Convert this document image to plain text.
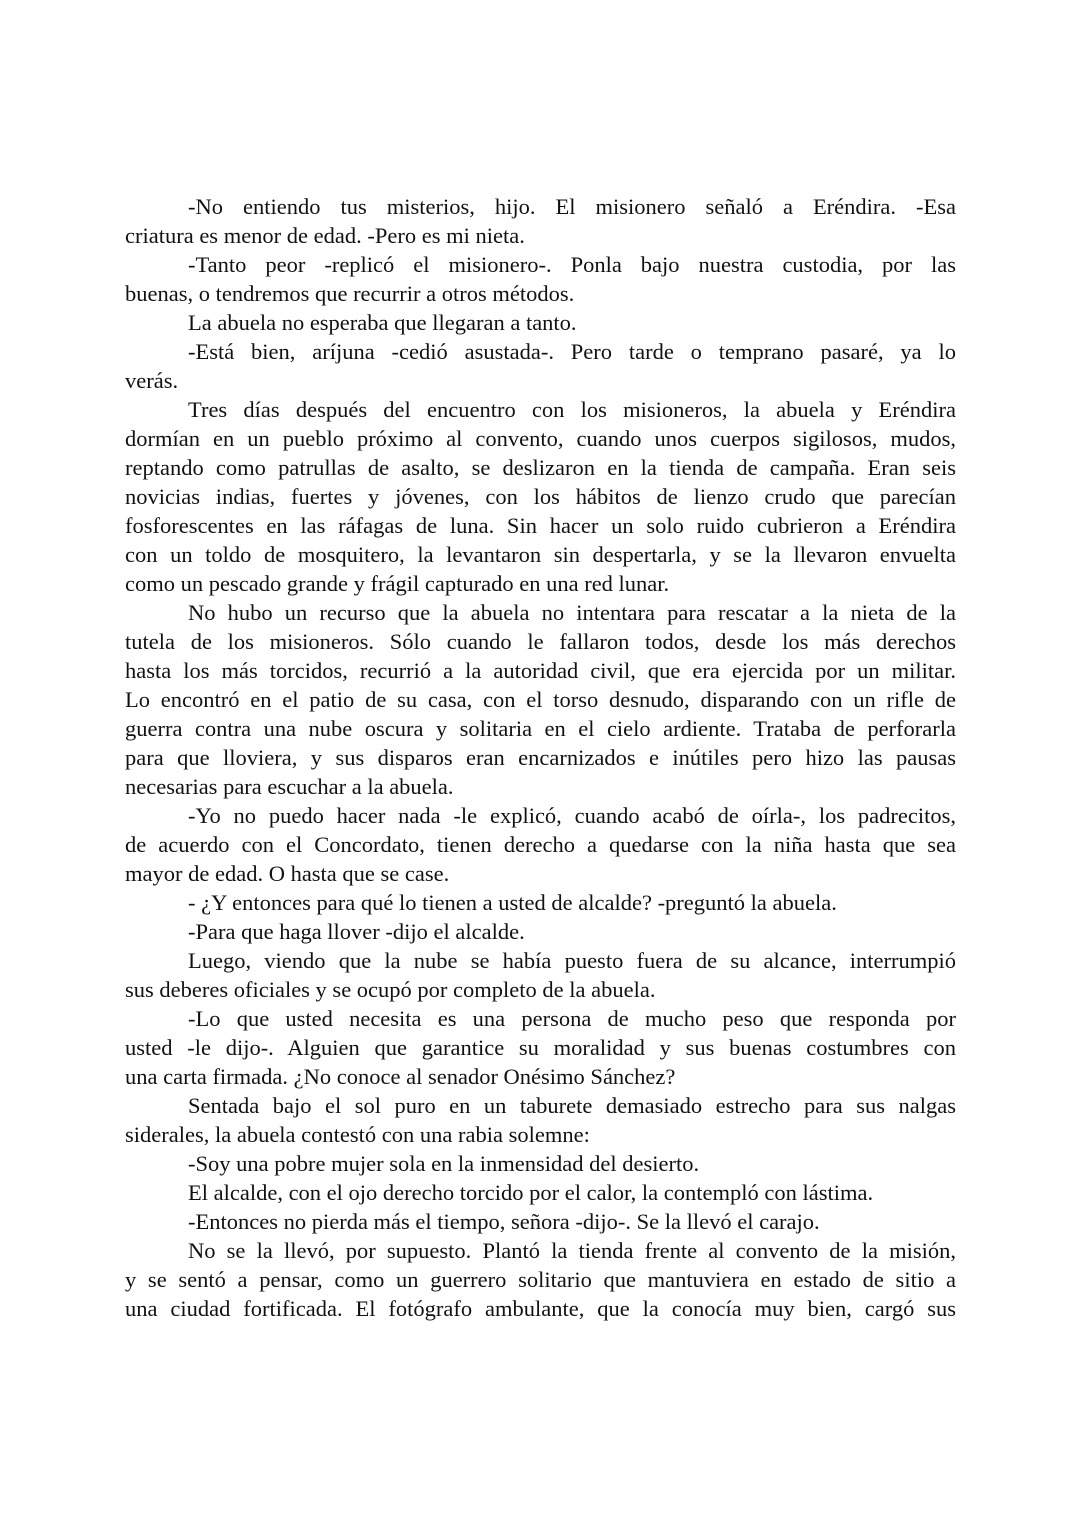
-No entiendo tus misterios, hijo. El misionero señaló a Eréndira. -Esa
criatura es menor de edad. -Pero es mi nieta.
-Tanto peor -replicó el misionero-. Ponla bajo nuestra custodia, por las
buenas, o tendremos que recurrir a otros métodos.
La abuela no esperaba que llegaran a tanto.
-Está bien, aríjuna -cedió asustada-. Pero tarde o temprano pasaré, ya lo
verás.
Tres días después del encuentro con los misioneros, la abuela y Eréndira
dormían en un pueblo próximo al convento, cuando unos cuerpos sigilosos, mudos,
reptando como patrullas de asalto, se deslizaron en la tienda de campaña. Eran seis
novicias indias, fuertes y jóvenes, con los hábitos de lienzo crudo que parecían
fosforescentes en las ráfagas de luna. Sin hacer un solo ruido cubrieron a Eréndira
con un toldo de mosquitero, la levantaron sin despertarla, y se la llevaron envuelta
como un pescado grande y frágil capturado en una red lunar.
No hubo un recurso que la abuela no intentara para rescatar a la nieta de la
tutela de los misioneros. Sólo cuando le fallaron todos, desde los más derechos
hasta los más torcidos, recurrió a la autoridad civil, que era ejercida por un militar.
Lo encontró en el patio de su casa, con el torso desnudo, disparando con un rifle de
guerra contra una nube oscura y solitaria en el cielo ardiente. Trataba de perforarla
para que lloviera, y sus disparos eran encarnizados e inútiles pero hizo las pausas
necesarias para escuchar a la abuela.
-Yo no puedo hacer nada -le explicó, cuando acabó de oírla-, los padrecitos,
de acuerdo con el Concordato, tienen derecho a quedarse con la niña hasta que sea
mayor de edad. O hasta que se case.
- ¿Y entonces para qué lo tienen a usted de alcalde? -preguntó la abuela.
-Para que haga llover -dijo el alcalde.
Luego, viendo que la nube se había puesto fuera de su alcance, interrumpió
sus deberes oficiales y se ocupó por completo de la abuela.
-Lo que usted necesita es una persona de mucho peso que responda por
usted -le dijo-. Alguien que garantice su moralidad y sus buenas costumbres con
una carta firmada. ¿No conoce al senador Onésimo Sánchez?
Sentada bajo el sol puro en un taburete demasiado estrecho para sus nalgas
siderales, la abuela contestó con una rabia solemne:
-Soy una pobre mujer sola en la inmensidad del desierto.
El alcalde, con el ojo derecho torcido por el calor, la contempló con lástima.
-Entonces no pierda más el tiempo, señora -dijo-. Se la llevó el carajo.
No se la llevó, por supuesto. Plantó la tienda frente al convento de la misión,
y se sentó a pensar, como un guerrero solitario que mantuviera en estado de sitio a
una ciudad fortificada. El fotógrafo ambulante, que la conocía muy bien, cargó sus
